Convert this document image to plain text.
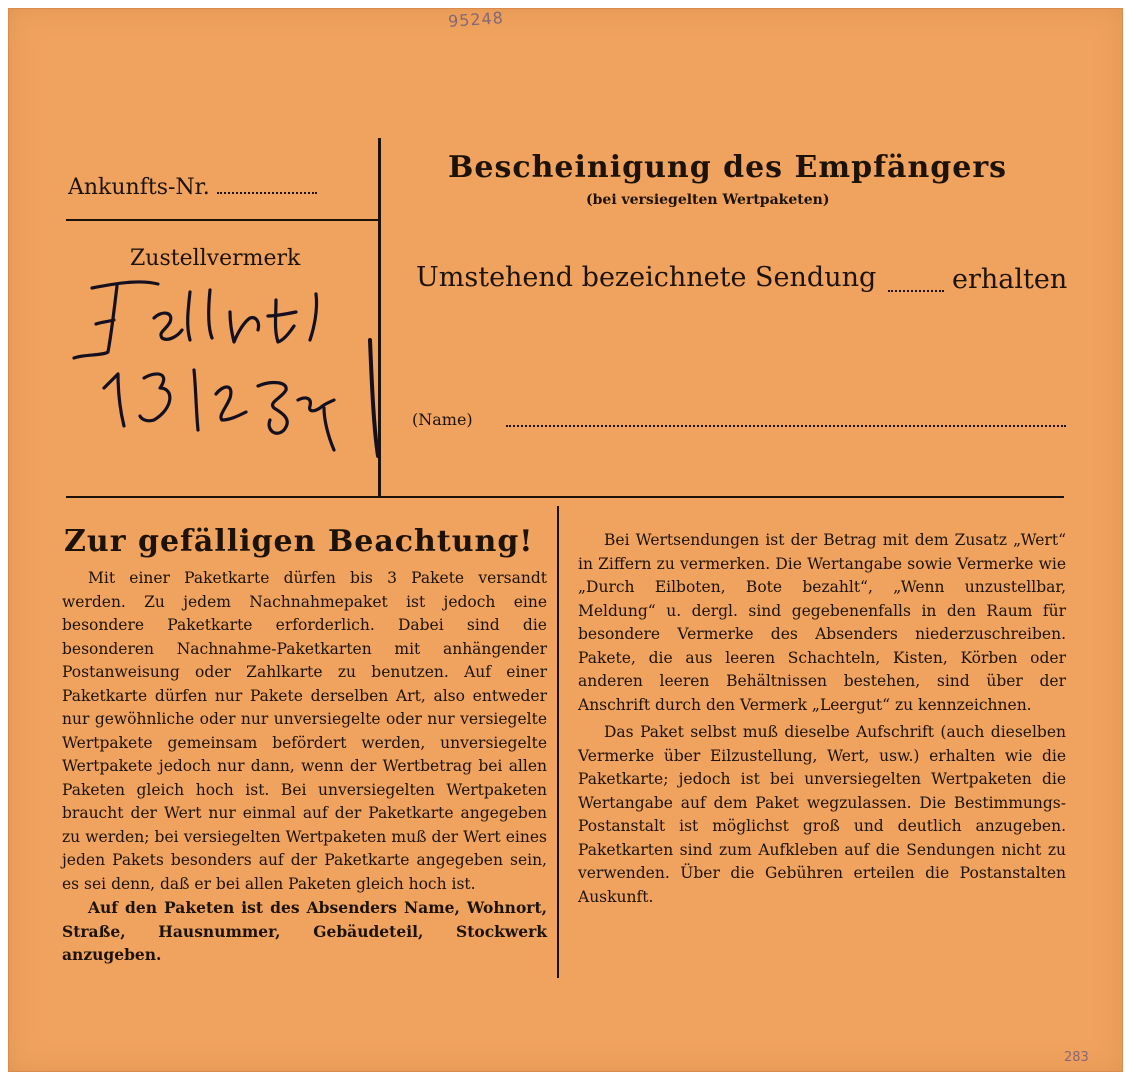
95248
Ankunfts-Nr.
Zustellvermerk
Bescheinigung des Empfängers
(bei versiegelten Wertpaketen)
Umstehend bezeichnete Sendung	erhalten
(Name)
Zur gefälligen Beachtung!

Mit einer Paketkarte dürfen bis 3 Pakete versandt werden. Zu jedem Nachnahmepaket ist jedoch eine besondere Paketkarte erforderlich. Dabei sind die besonderen Nachnahme-Paketkarten mit anhängender Postanweisung oder Zahlkarte zu benutzen. Auf einer Paketkarte dürfen nur Pakete derselben Art, also entweder nur gewöhnliche oder nur unversiegelte oder nur versiegelte Wertpakete gemeinsam befördert werden, unversiegelte Wertpakete jedoch nur dann, wenn der Wertbetrag bei allen Paketen gleich hoch ist. Bei unversiegelten Wertpaketen braucht der Wert nur einmal auf der Paketkarte angegeben zu werden; bei versiegelten Wertpaketen muß der Wert eines jeden Pakets besonders auf der Paketkarte angegeben sein, es sei denn, daß er bei allen Paketen gleich hoch ist.

Auf den Paketen ist des Absenders Name, Wohnort, Straße, Hausnummer, Gebäudeteil, Stockwerk anzugeben.

Bei Wertsendungen ist der Betrag mit dem Zusatz „Wert“ in Ziffern zu vermerken. Die Wertangabe sowie Vermerke wie „Durch Eilboten, Bote bezahlt“, „Wenn unzustellbar, Meldung“ u. dergl. sind gegebenenfalls in den Raum für besondere Vermerke des Absenders niederzuschreiben. Pakete, die aus leeren Schachteln, Kisten, Körben oder anderen leeren Behältnissen bestehen, sind über der Anschrift durch den Vermerk „Leergut“ zu kennzeichnen.

Das Paket selbst muß dieselbe Aufschrift (auch dieselben Vermerke über Eilzustellung, Wert, usw.) erhalten wie die Paketkarte; jedoch ist bei unversiegelten Wertpaketen die Wertangabe auf dem Paket wegzulassen. Die Bestimmungs-Postanstalt ist möglichst groß und deutlich anzugeben. Paketkarten sind zum Aufkleben auf die Sendungen nicht zu verwenden. Über die Gebühren erteilen die Postanstalten Auskunft.

283
